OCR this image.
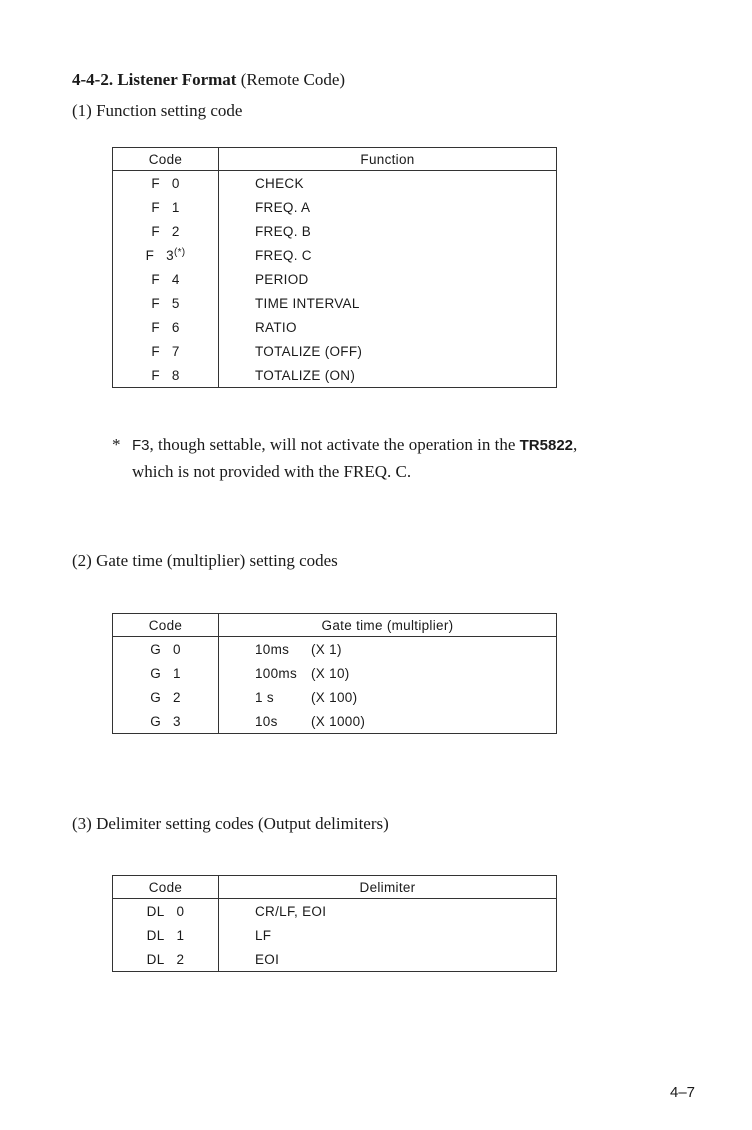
4-4-2. Listener Format (Remote Code)
(1) Function setting code
Code	Function
F 0	CHECK
F 1	FREQ. A
F 2	FREQ. B
F 3(*)	FREQ. C
F 4	PERIOD
F 5	TIME INTERVAL
F 6	RATIO
F 7	TOTALIZE (OFF)
F 8	TOTALIZE (ON)
* F3, though settable, will not activate the operation in the TR5822,
which is not provided with the FREQ. C.
(2) Gate time (multiplier) setting codes
Code	Gate time (multiplier)
G 0	10ms (X 1)
G 1	100ms (X 10)
G 2	1 s (X 100)
G 3	10s (X 1000)
(3) Delimiter setting codes (Output delimiters)
Code	Delimiter
DL 0	CR/LF, EOI
DL 1	LF
DL 2	EOI
4–7
